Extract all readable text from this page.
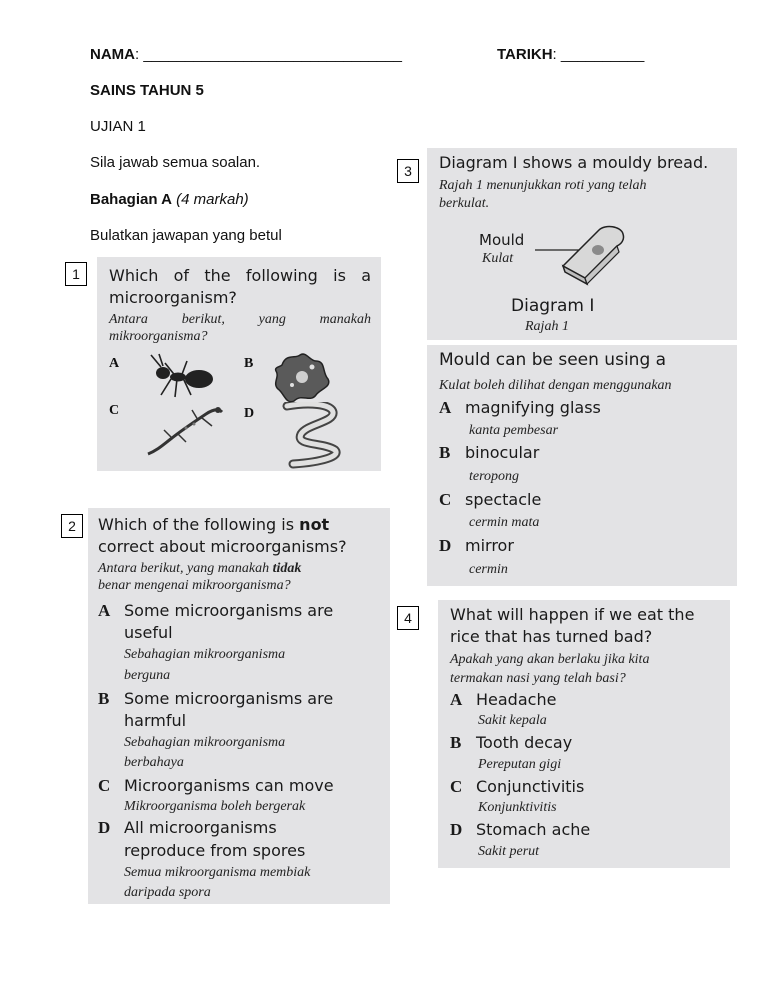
NAMA: _______________________________	TARIKH: __________
SAINS TAHUN 5
UJIAN 1
Sila jawab semua soalan.
Bahagian A (4 markah)
Bulatkan jawapan yang betul
1	Which of the following is a microorganism?
Antara berikut, yang manakah mikroorganisma?
A	B
C	D
2	Which of the following is not
correct about microorganisms?
Antara berikut, yang manakah tidak
benar mengenai mikroorganisma?
A Some microorganisms are
useful
Sebahagian mikroorganisma
berguna
B Some microorganisms are
harmful
Sebahagian mikroorganisma
berbahaya
C Microorganisms can move
Mikroorganisma boleh bergerak
D All microorganisms
reproduce from spores
Semua mikroorganisma membiak
daripada spora
3	Diagram I shows a mouldy bread.
Rajah 1 menunjukkan roti yang telah
berkulat.
Mould
Kulat
Diagram I
Rajah 1
Mould can be seen using a
Kulat boleh dilihat dengan menggunakan
A magnifying glass
kanta pembesar
B binocular
teropong
C spectacle
cermin mata
D mirror
cermin
4	What will happen if we eat the
rice that has turned bad?
Apakah yang akan berlaku jika kita
termakan nasi yang telah basi?
A Headache
Sakit kepala
B Tooth decay
Pereputan gigi
C Conjunctivitis
Konjunktivitis
D Stomach ache
Sakit perut
